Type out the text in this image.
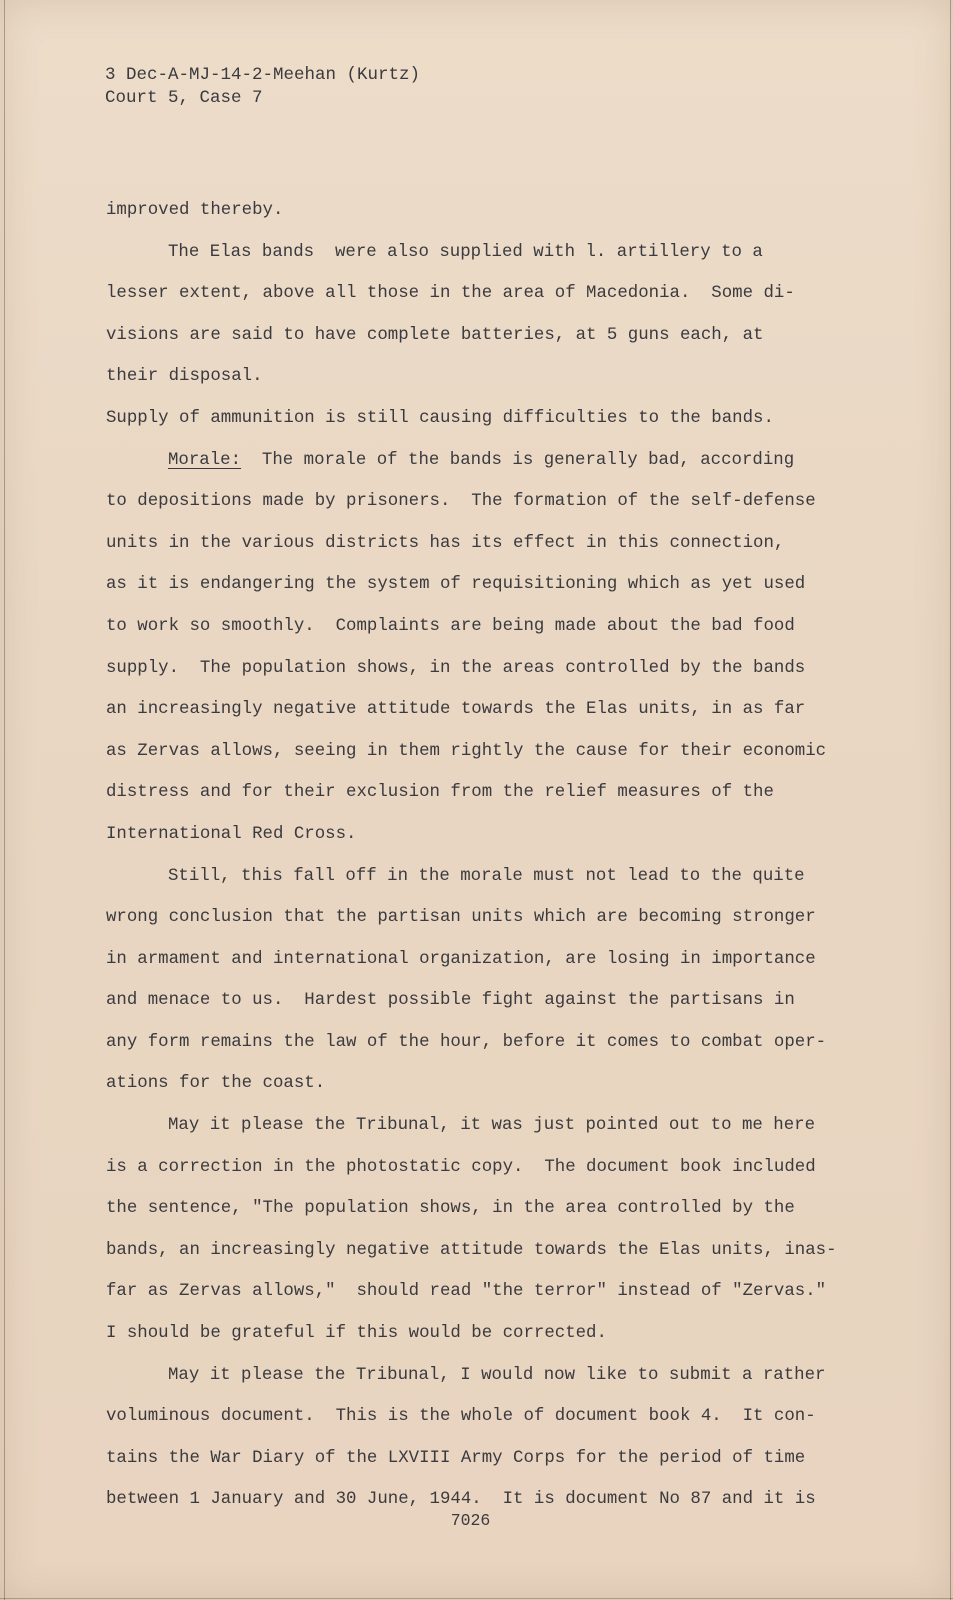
3 Dec-A-MJ-14-2-Meehan (Kurtz)
Court 5, Case 7
improved thereby.
The Elas bands  were also supplied with l. artillery to a
lesser extent, above all those in the area of Macedonia.  Some di-
visions are said to have complete batteries, at 5 guns each, at
their disposal.
Supply of ammunition is still causing difficulties to the bands.
Morale:  The morale of the bands is generally bad, according
to depositions made by prisoners.  The formation of the self-defense
units in the various districts has its effect in this connection,
as it is endangering the system of requisitioning which as yet used
to work so smoothly.  Complaints are being made about the bad food
supply.  The population shows, in the areas controlled by the bands
an increasingly negative attitude towards the Elas units, in as far
as Zervas allows, seeing in them rightly the cause for their economic
distress and for their exclusion from the relief measures of the
International Red Cross.
Still, this fall off in the morale must not lead to the quite
wrong conclusion that the partisan units which are becoming stronger
in armament and international organization, are losing in importance
and menace to us.  Hardest possible fight against the partisans in
any form remains the law of the hour, before it comes to combat oper-
ations for the coast.
May it please the Tribunal, it was just pointed out to me here
is a correction in the photostatic copy.  The document book included
the sentence, "The population shows, in the area controlled by the
bands, an increasingly negative attitude towards the Elas units, inas-
far as Zervas allows,"  should read "the terror" instead of "Zervas."
I should be grateful if this would be corrected.
May it please the Tribunal, I would now like to submit a rather
voluminous document.  This is the whole of document book 4.  It con-
tains the War Diary of the LXVIII Army Corps for the period of time
between 1 January and 30 June, 1944.  It is document No 87 and it is
7026
